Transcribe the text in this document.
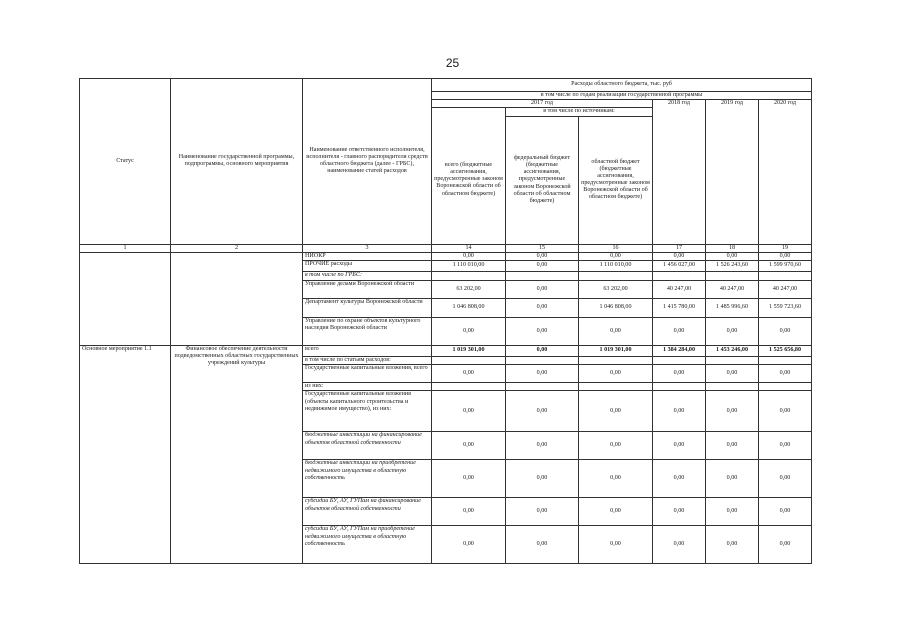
25
Статус	Наименование государственной программы, подпрограммы, основного мероприятия	Наименование ответственного исполнителя, исполнителя - главного распорядителя средств областного бюджета (далее - ГРБС), наименование статей расходов	Расходы областного бюджета, тыс. руб					
			в том числе по годам реализации государственной программы					
			2017 год			2018 год	2019 год	2020 год
				в том числе по источникам:				
			всего (бюджетные ассигнования, предусмотренные законом Воронежской области об областном бюджете)	федеральный бюджет (бюджетные ассигнования, предусмотренные законом Воронежской области об областном бюджете)	областной бюджет (бюджетные ассигнования, предусмотренные законом Воронежской области об областном бюджете)			

1	2	3	14	15	16	17	18	19
		НИОКР	0,00	0,00	0,00	0,00	0,00	0,00
		ПРОЧИЕ расходы	1 110 010,00	0,00	1 110 010,00	1 456 027,00	1 526 243,60	1 599 970,60
		в том числе по ГРБС:						
		Управление делами Воронежской области	63 202,00	0,00	63 202,00	40 247,00	40 247,00	40 247,00
		Департамент культуры Воронежской области	1 046 808,00	0,00	1 046 808,00	1 415 780,00	1 485 996,60	1 559 723,60
		Управление по охране объектов культурного наследия Воронежской области	0,00	0,00	0,00	0,00	0,00	0,00
Основное мероприятие 1.1	Финансовое обеспечение деятельности подведомственных областных государственных учреждений культуры	всего	1 019 301,00	0,00	1 019 301,00	1 384 284,00	1 453 246,00	1 525 656,80
		в том числе по статьям расходов:						
		Государственные капитальные вложения, всего	0,00	0,00	0,00	0,00	0,00	0,00
		из них:						
		Государственные капитальные вложения (объекты капитального строительства и недвижимое имущество), из них:	0,00	0,00	0,00	0,00	0,00	0,00
		бюджетные инвестиции на финансирование объектов областной собственности	0,00	0,00	0,00	0,00	0,00	0,00
		бюджетные инвестиции на приобретение недвижимого имущества в областную собственность	0,00	0,00	0,00	0,00	0,00	0,00
		субсидии БУ, АУ, ГУПам на финансирование объектов областной собственности	0,00	0,00	0,00	0,00	0,00	0,00
		субсидии БУ, АУ, ГУПам на приобретение недвижимого имущества в областную собственность	0,00	0,00	0,00	0,00	0,00	0,00
